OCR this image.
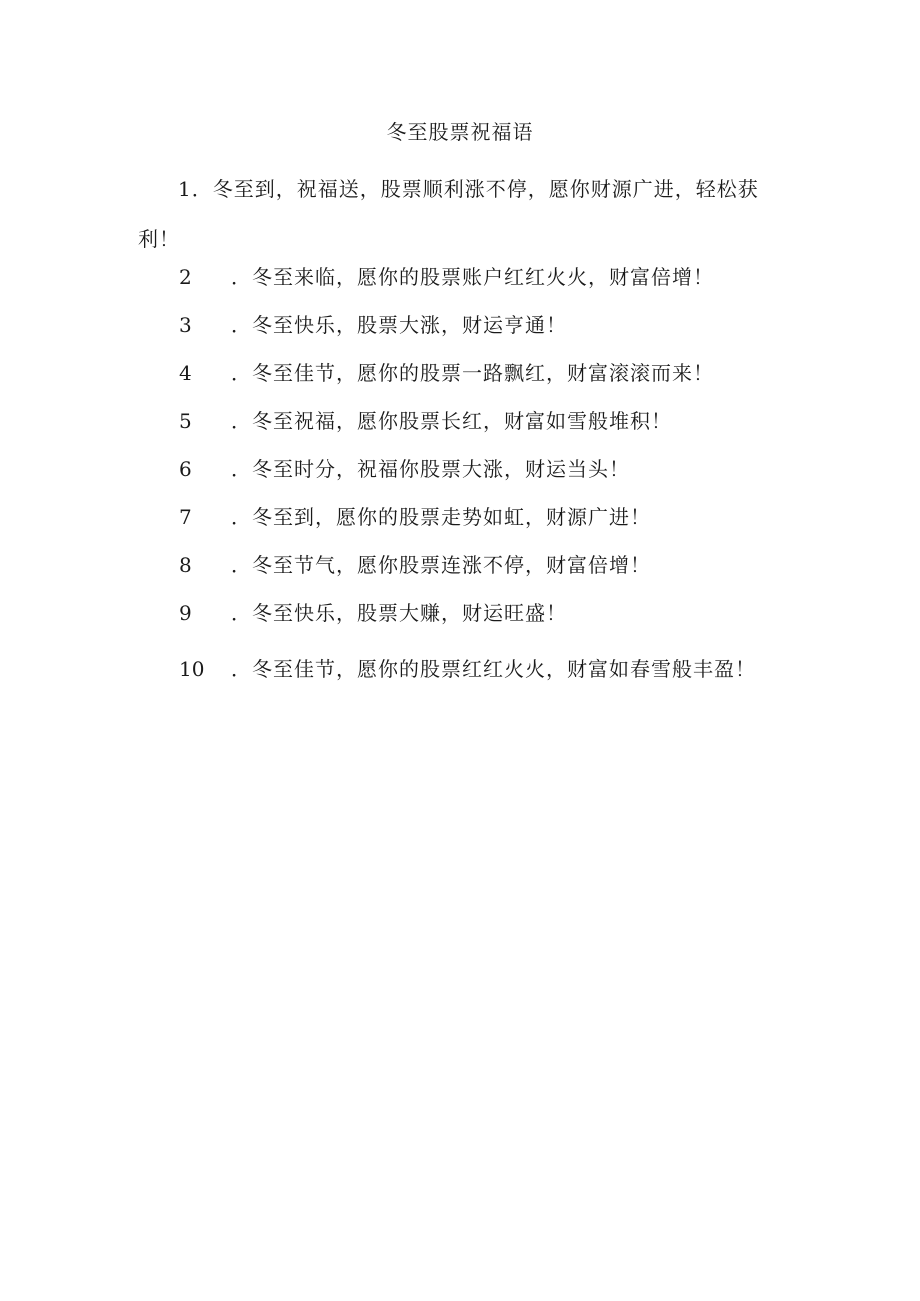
冬至股票祝福语
1．冬至到，祝福送，股票顺利涨不停，愿你财源广进，轻松获利！
2 ．冬至来临，愿你的股票账户红红火火，财富倍增！
3 ．冬至快乐，股票大涨，财运亨通！
4 ．冬至佳节，愿你的股票一路飘红，财富滚滚而来！
5 ．冬至祝福，愿你股票长红，财富如雪般堆积！
6 ．冬至时分，祝福你股票大涨，财运当头！
7 ．冬至到，愿你的股票走势如虹，财源广进！
8 ．冬至节气，愿你股票连涨不停，财富倍增！
9 ．冬至快乐，股票大赚，财运旺盛！
10 ．冬至佳节，愿你的股票红红火火，财富如春雪般丰盈！
